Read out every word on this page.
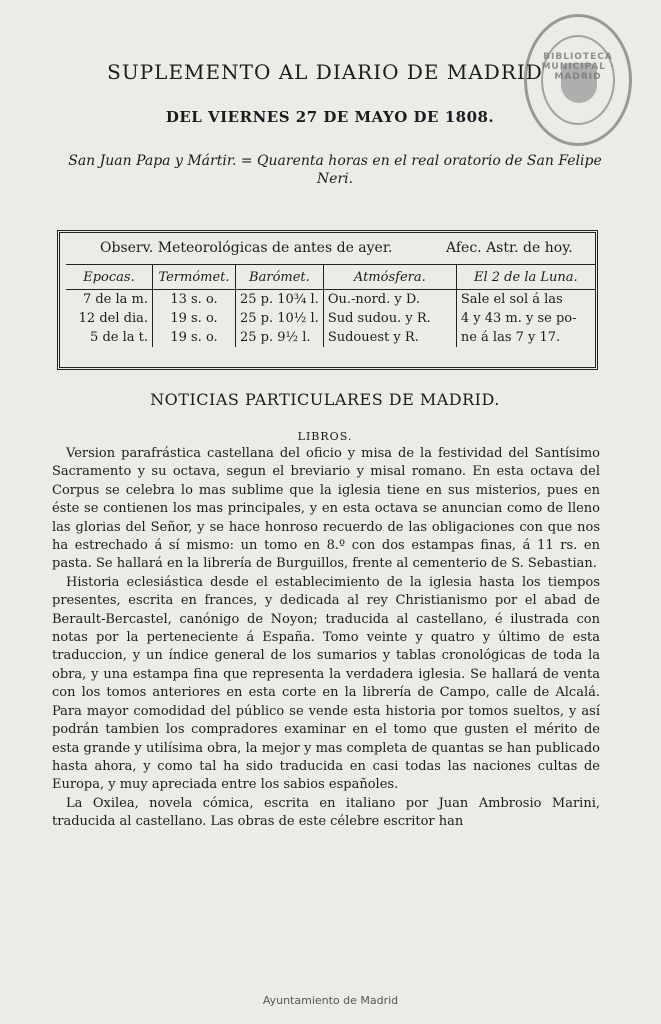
BIBLIOTECA MUNICIPAL · MADRID
SUPLEMENTO AL DIARIO DE MADRID
DEL VIERNES 27 DE MAYO DE 1808.
San Juan Papa y Mártir. = Quarenta horas en el real oratorio de San Felipe Neri.
Observ. Meteorológicas de antes de ayer.	Afec. Astr. de hoy.
Epocas.	Termómet.	Barómet.	Atmósfera.	El 2 de la Luna.
7 de la m.	13 s. o.	25 p. 10¾ l.	Ou.-nord. y D.	Sale el sol á las
12 del dia.	19 s. o.	25 p. 10½ l.	Sud sudou. y R.	4 y 43 m. y se po-
5 de la t.	19 s. o.	25 p. 9½ l.	Sudouest y R.	ne á las 7 y 17.
NOTICIAS PARTICULARES DE MADRID.
LIBROS.

Version parafrástica castellana del oficio y misa de la festividad del Santísimo Sacramento y su octava, segun el breviario y misal romano. En esta octava del Corpus se celebra lo mas sublime que la iglesia tiene en sus misterios, pues en éste se contienen los mas principales, y en esta octava se anuncian como de lleno las glorias del Señor, y se hace honroso recuerdo de las obligaciones con que nos ha estrechado á sí mismo: un tomo en 8.º con dos estampas finas, á 11 rs. en pasta. Se hallará en la librería de Burguillos, frente al cementerio de S. Sebastian.

Historia eclesiástica desde el establecimiento de la iglesia hasta los tiempos presentes, escrita en frances, y dedicada al rey Christianismo por el abad de Berault-Bercastel, canónigo de Noyon; traducida al castellano, é ilustrada con notas por la perteneciente á España. Tomo veinte y quatro y último de esta traduccion, y un índice general de los sumarios y tablas cronológicas de toda la obra, y una estampa fina que representa la verdadera iglesia. Se hallará de venta con los tomos anteriores en esta corte en la librería de Campo, calle de Alcalá. Para mayor comodidad del público se vende esta historia por tomos sueltos, y así podrán tambien los compradores examinar en el tomo que gusten el mérito de esta grande y utilísima obra, la mejor y mas completa de quantas se han publicado hasta ahora, y como tal ha sido traducida en casi todas las naciones cultas de Europa, y muy apreciada entre los sabios españoles.

La Oxilea, novela cómica, escrita en italiano por Juan Ambrosio Marini, traducida al castellano. Las obras de este célebre escritor han

Ayuntamiento de Madrid
